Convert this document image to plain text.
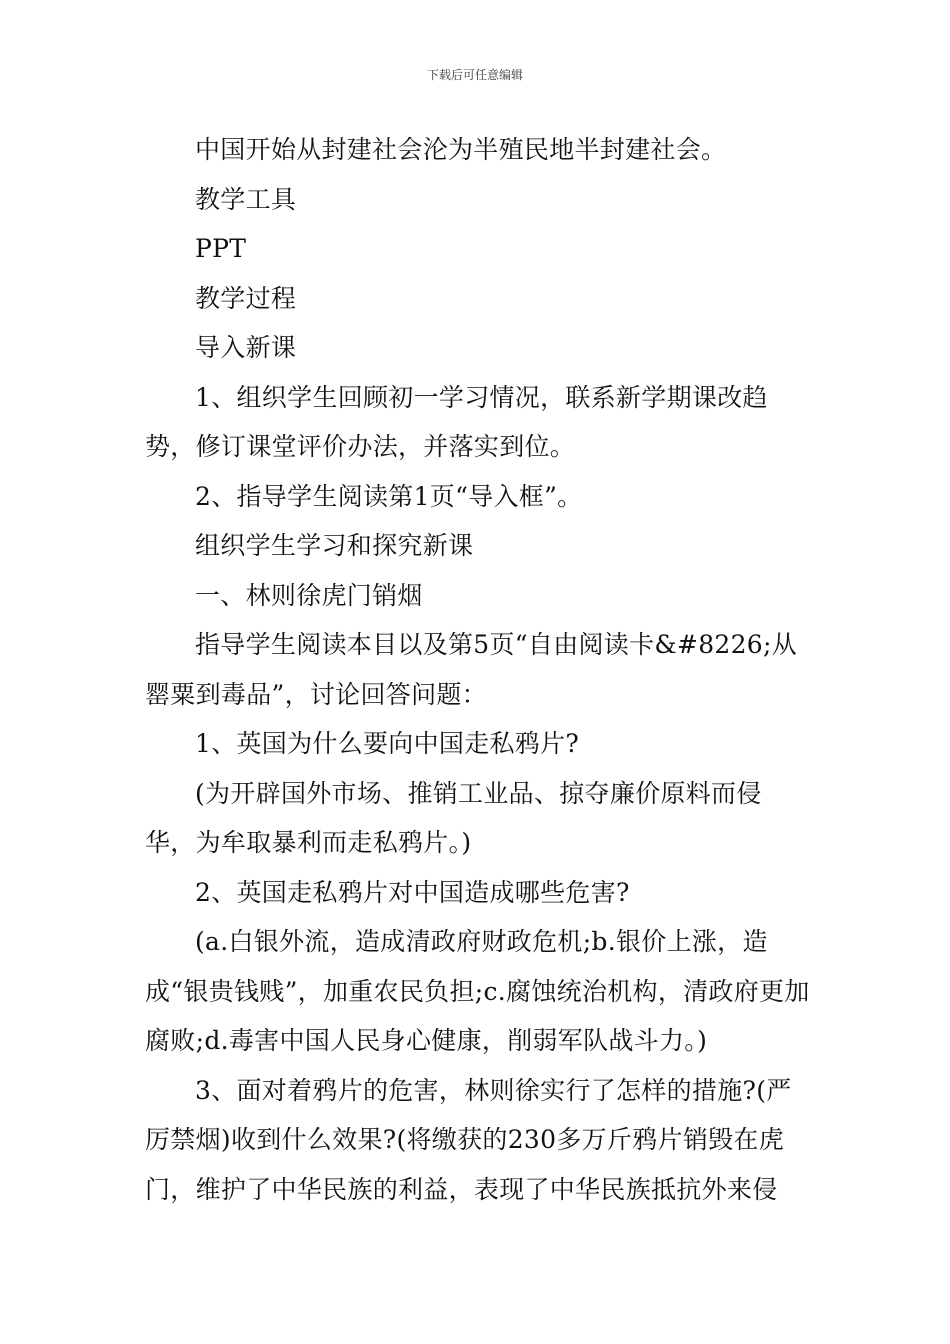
下载后可任意编辑

中国开始从封建社会沦为半殖民地半封建社会。

教学工具

PPT

教学过程

导入新课

1、组织学生回顾初一学习情况，联系新学期课改趋势，修订课堂评价办法，并落实到位。

2、指导学生阅读第1页“导入框”。

组织学生学习和探究新课

一、林则徐虎门销烟

指导学生阅读本目以及第5页“自由阅读卡&#8226;从罂粟到毒品”，讨论回答问题：

1、英国为什么要向中国走私鸦片?

(为开辟国外市场、推销工业品、掠夺廉价原料而侵华，为牟取暴利而走私鸦片。)

2、英国走私鸦片对中国造成哪些危害?

(a.白银外流，造成清政府财政危机;b.银价上涨，造成“银贵钱贱”，加重农民负担;c.腐蚀统治机构，清政府更加腐败;d.毒害中国人民身心健康，削弱军队战斗力。)

3、面对着鸦片的危害，林则徐实行了怎样的措施?(严厉禁烟)收到什么效果?(将缴获的230多万斤鸦片销毁在虎门，维护了中华民族的利益，表现了中华民族抵抗外来侵
